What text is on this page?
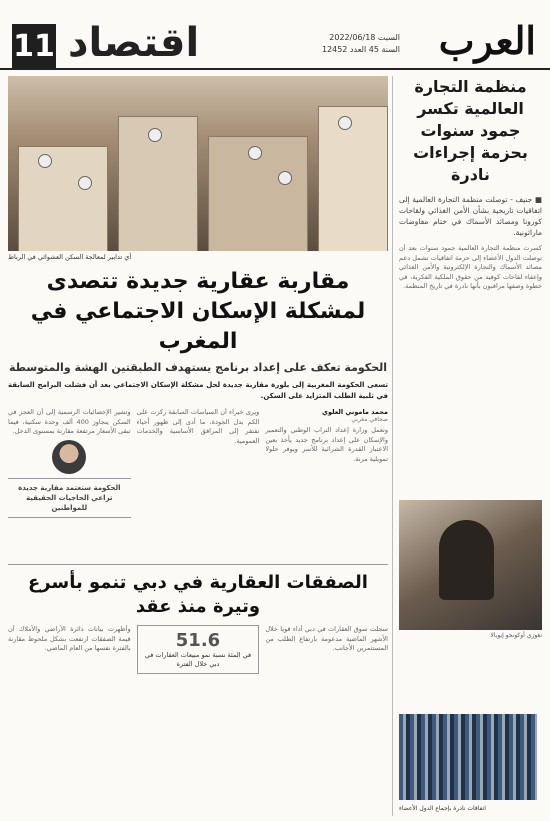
11 اقتصاد	السبت 2022/06/18
السنة 45 العدد 12452 العرب
منظمة التجارة العالمية تكسر جمود سنوات بحزمة إجراءات نادرة

■ جنيف - توصلت منظمة التجارة العالمية إلى اتفاقيات تاريخية بشأن الأمن الغذائي ولقاحات كورونا ومصائد الأسماك في ختام مفاوضات ماراثونية.

كسرت منظمة التجارة العالمية جمود سنوات بعد أن توصلت الدول الأعضاء إلى حزمة اتفاقيات تشمل دعم مصائد الأسماك والتجارة الإلكترونية والأمن الغذائي وإعفاء لقاحات كوفيد من حقوق الملكية الفكرية، في خطوة وصفها مراقبون بأنها نادرة في تاريخ المنظمة.

نغوزي أوكونجو إيويالا
اتفاقات نادرة بإجماع الدول الأعضاء
أي تدابير لمعالجة السكن العشوائي في الرباط
مقاربة عقارية جديدة تتصدى لمشكلة الإسكان الاجتماعي في المغرب
الحكومة تعكف على إعداد برنامج يستهدف الطبقتين الهشة والمتوسطة

تسعى الحكومة المغربية إلى بلورة مقاربة جديدة لحل مشكلة الإسكان الاجتماعي بعد أن فشلت البرامج السابقة في تلبية الطلب المتزايد على السكن.

محمد ماموني العلوي
صحافي مغربي

وتعمل وزارة إعداد التراب الوطني والتعمير والإسكان على إعداد برنامج جديد يأخذ بعين الاعتبار القدرة الشرائية للأسر ويوفر حلولا تمويلية مرنة.

ويرى خبراء أن السياسات السابقة ركزت على الكم بدل الجودة، ما أدى إلى ظهور أحياء تفتقر إلى المرافق الأساسية والخدمات العمومية.

وتشير الإحصائيات الرسمية إلى أن العجز في السكن يتجاوز 400 ألف وحدة سكنية، فيما تبقى الأسعار مرتفعة مقارنة بمستوى الدخل.

الحكومة ستعتمد مقاربة جديدة تراعي الحاجيات الحقيقية للمواطنين
الصفقات العقارية في دبي تنمو بأسرع وتيرة منذ عقد

سجلت سوق العقارات في دبي أداء قويا خلال الأشهر الماضية مدعومة بارتفاع الطلب من المستثمرين الأجانب.

51.6
في المئة نسبة نمو مبيعات العقارات في دبي خلال الفترة

وأظهرت بيانات دائرة الأراضي والأملاك أن قيمة الصفقات ارتفعت بشكل ملحوظ مقارنة بالفترة نفسها من العام الماضي.
